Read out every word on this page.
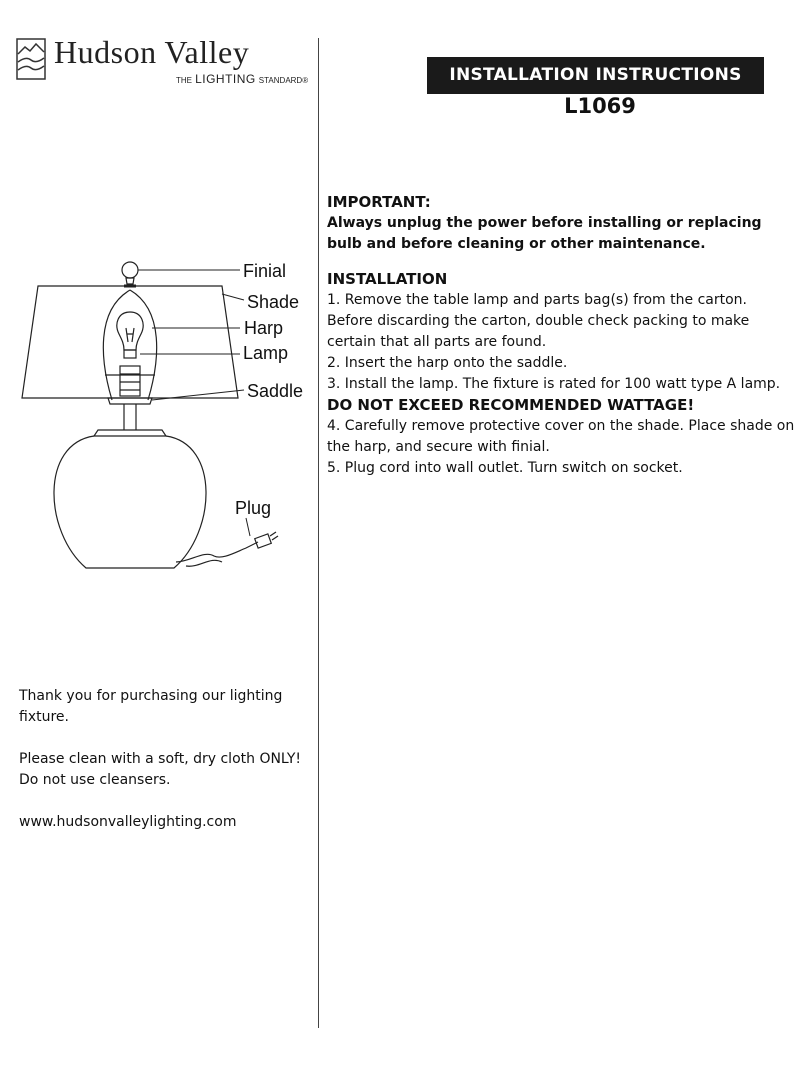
Hudson Valley
THE LIGHTING STANDARD®	INSTALLATION INSTRUCTIONS
L1069
Finial
Shade
Harp
Lamp
Saddle
Plug

IMPORTANT:

Always unplug the power before installing or replacing bulb and before cleaning or other maintenance.

INSTALLATION

1. Remove the table lamp and parts bag(s) from the carton. Before discarding the carton, double check packing to make certain that all parts are found.

2. Insert the harp onto the saddle.

3. Install the lamp. The fixture is rated for 100 watt type A lamp.

DO NOT EXCEED RECOMMENDED WATTAGE!

4. Carefully remove protective cover on the shade. Place shade on the harp, and secure with finial.

5. Plug cord into wall outlet. Turn switch on socket.

Thank you for purchasing our lighting fixture.

Please clean with a soft, dry cloth ONLY! Do not use cleansers.

www.hudsonvalleylighting.com
